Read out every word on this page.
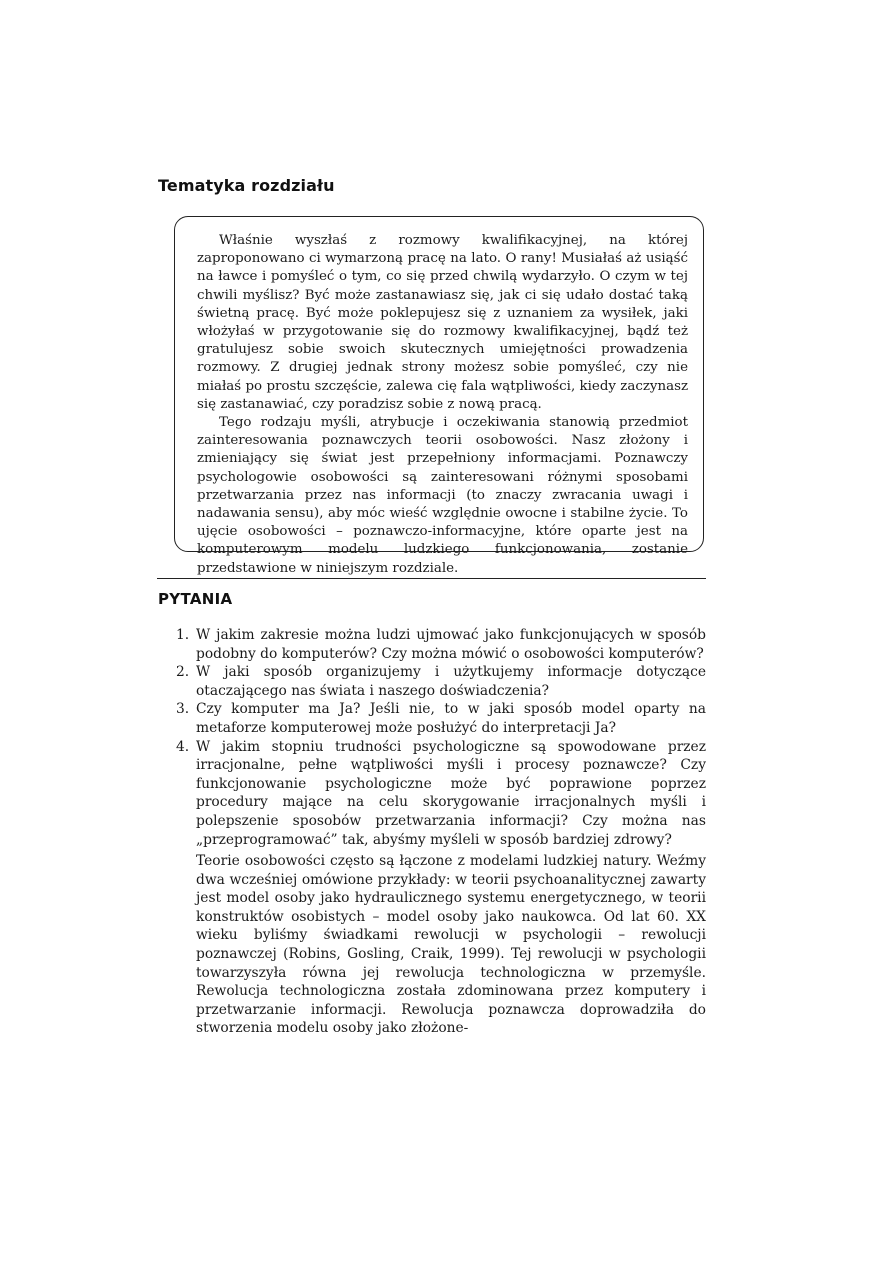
Tematyka rozdziału

Właśnie wyszłaś z rozmowy kwalifikacyjnej, na której zaproponowano ci wymarzoną pracę na lato. O rany! Musiałaś aż usiąść na ławce i pomyśleć o tym, co się przed chwilą wydarzyło. O czym w tej chwili myślisz? Być może zastanawiasz się, jak ci się udało dostać taką świetną pracę. Być może poklepujesz się z uznaniem za wysiłek, jaki włożyłaś w przygotowanie się do rozmowy kwalifikacyjnej, bądź też gratulujesz sobie swoich skutecznych umiejętności prowadzenia rozmowy. Z drugiej jednak strony możesz sobie pomyśleć, czy nie miałaś po prostu szczęście, zalewa cię fala wątpliwości, kiedy zaczynasz się zastanawiać, czy poradzisz sobie z nową pracą.

Tego rodzaju myśli, atrybucje i oczekiwania stanowią przedmiot zainteresowania poznawczych teorii osobowości. Nasz złożony i zmieniający się świat jest przepełniony informacjami. Poznawczy psychologowie osobowości są zainteresowani różnymi sposobami przetwarzania przez nas informacji (to znaczy zwracania uwagi i nadawania sensu), aby móc wieść względnie owocne i stabilne życie. To ujęcie osobowości – poznawczo-informacyjne, które oparte jest na komputerowym modelu ludzkiego funkcjonowania, zostanie przedstawione w niniejszym rozdziale.

PYTANIA
1. W jakim zakresie można ludzi ujmować jako funkcjonujących w sposób podobny do komputerów? Czy można mówić o osobowości komputerów?
2. W jaki sposób organizujemy i użytkujemy informacje dotyczące otaczającego nas świata i naszego doświadczenia?
3. Czy komputer ma Ja? Jeśli nie, to w jaki sposób model oparty na metaforze komputerowej może posłużyć do interpretacji Ja?
4. W jakim stopniu trudności psychologiczne są spowodowane przez irracjonalne, pełne wątpliwości myśli i procesy poznawcze? Czy funkcjonowanie psychologiczne może być poprawione poprzez procedury mające na celu skorygowanie irracjonalnych myśli i polepszenie sposobów przetwarzania informacji? Czy można nas „przeprogramować” tak, abyśmy myśleli w sposób bardziej zdrowy?

Teorie osobowości często są łączone z modelami ludzkiej natury. Weźmy dwa wcześniej omówione przykłady: w teorii psychoanalitycznej zawarty jest model osoby jako hydraulicznego systemu energetycznego, w teorii konstruktów osobistych – model osoby jako naukowca. Od lat 60. XX wieku byliśmy świadkami rewolucji w psychologii – rewolucji poznawczej (Robins, Gosling, Craik, 1999). Tej rewolucji w psychologii towarzyszyła równa jej rewolucja technologiczna w przemyśle. Rewolucja technologiczna została zdominowana przez komputery i przetwarzanie informacji. Rewolucja poznawcza doprowadziła do stworzenia modelu osoby jako złożone-
